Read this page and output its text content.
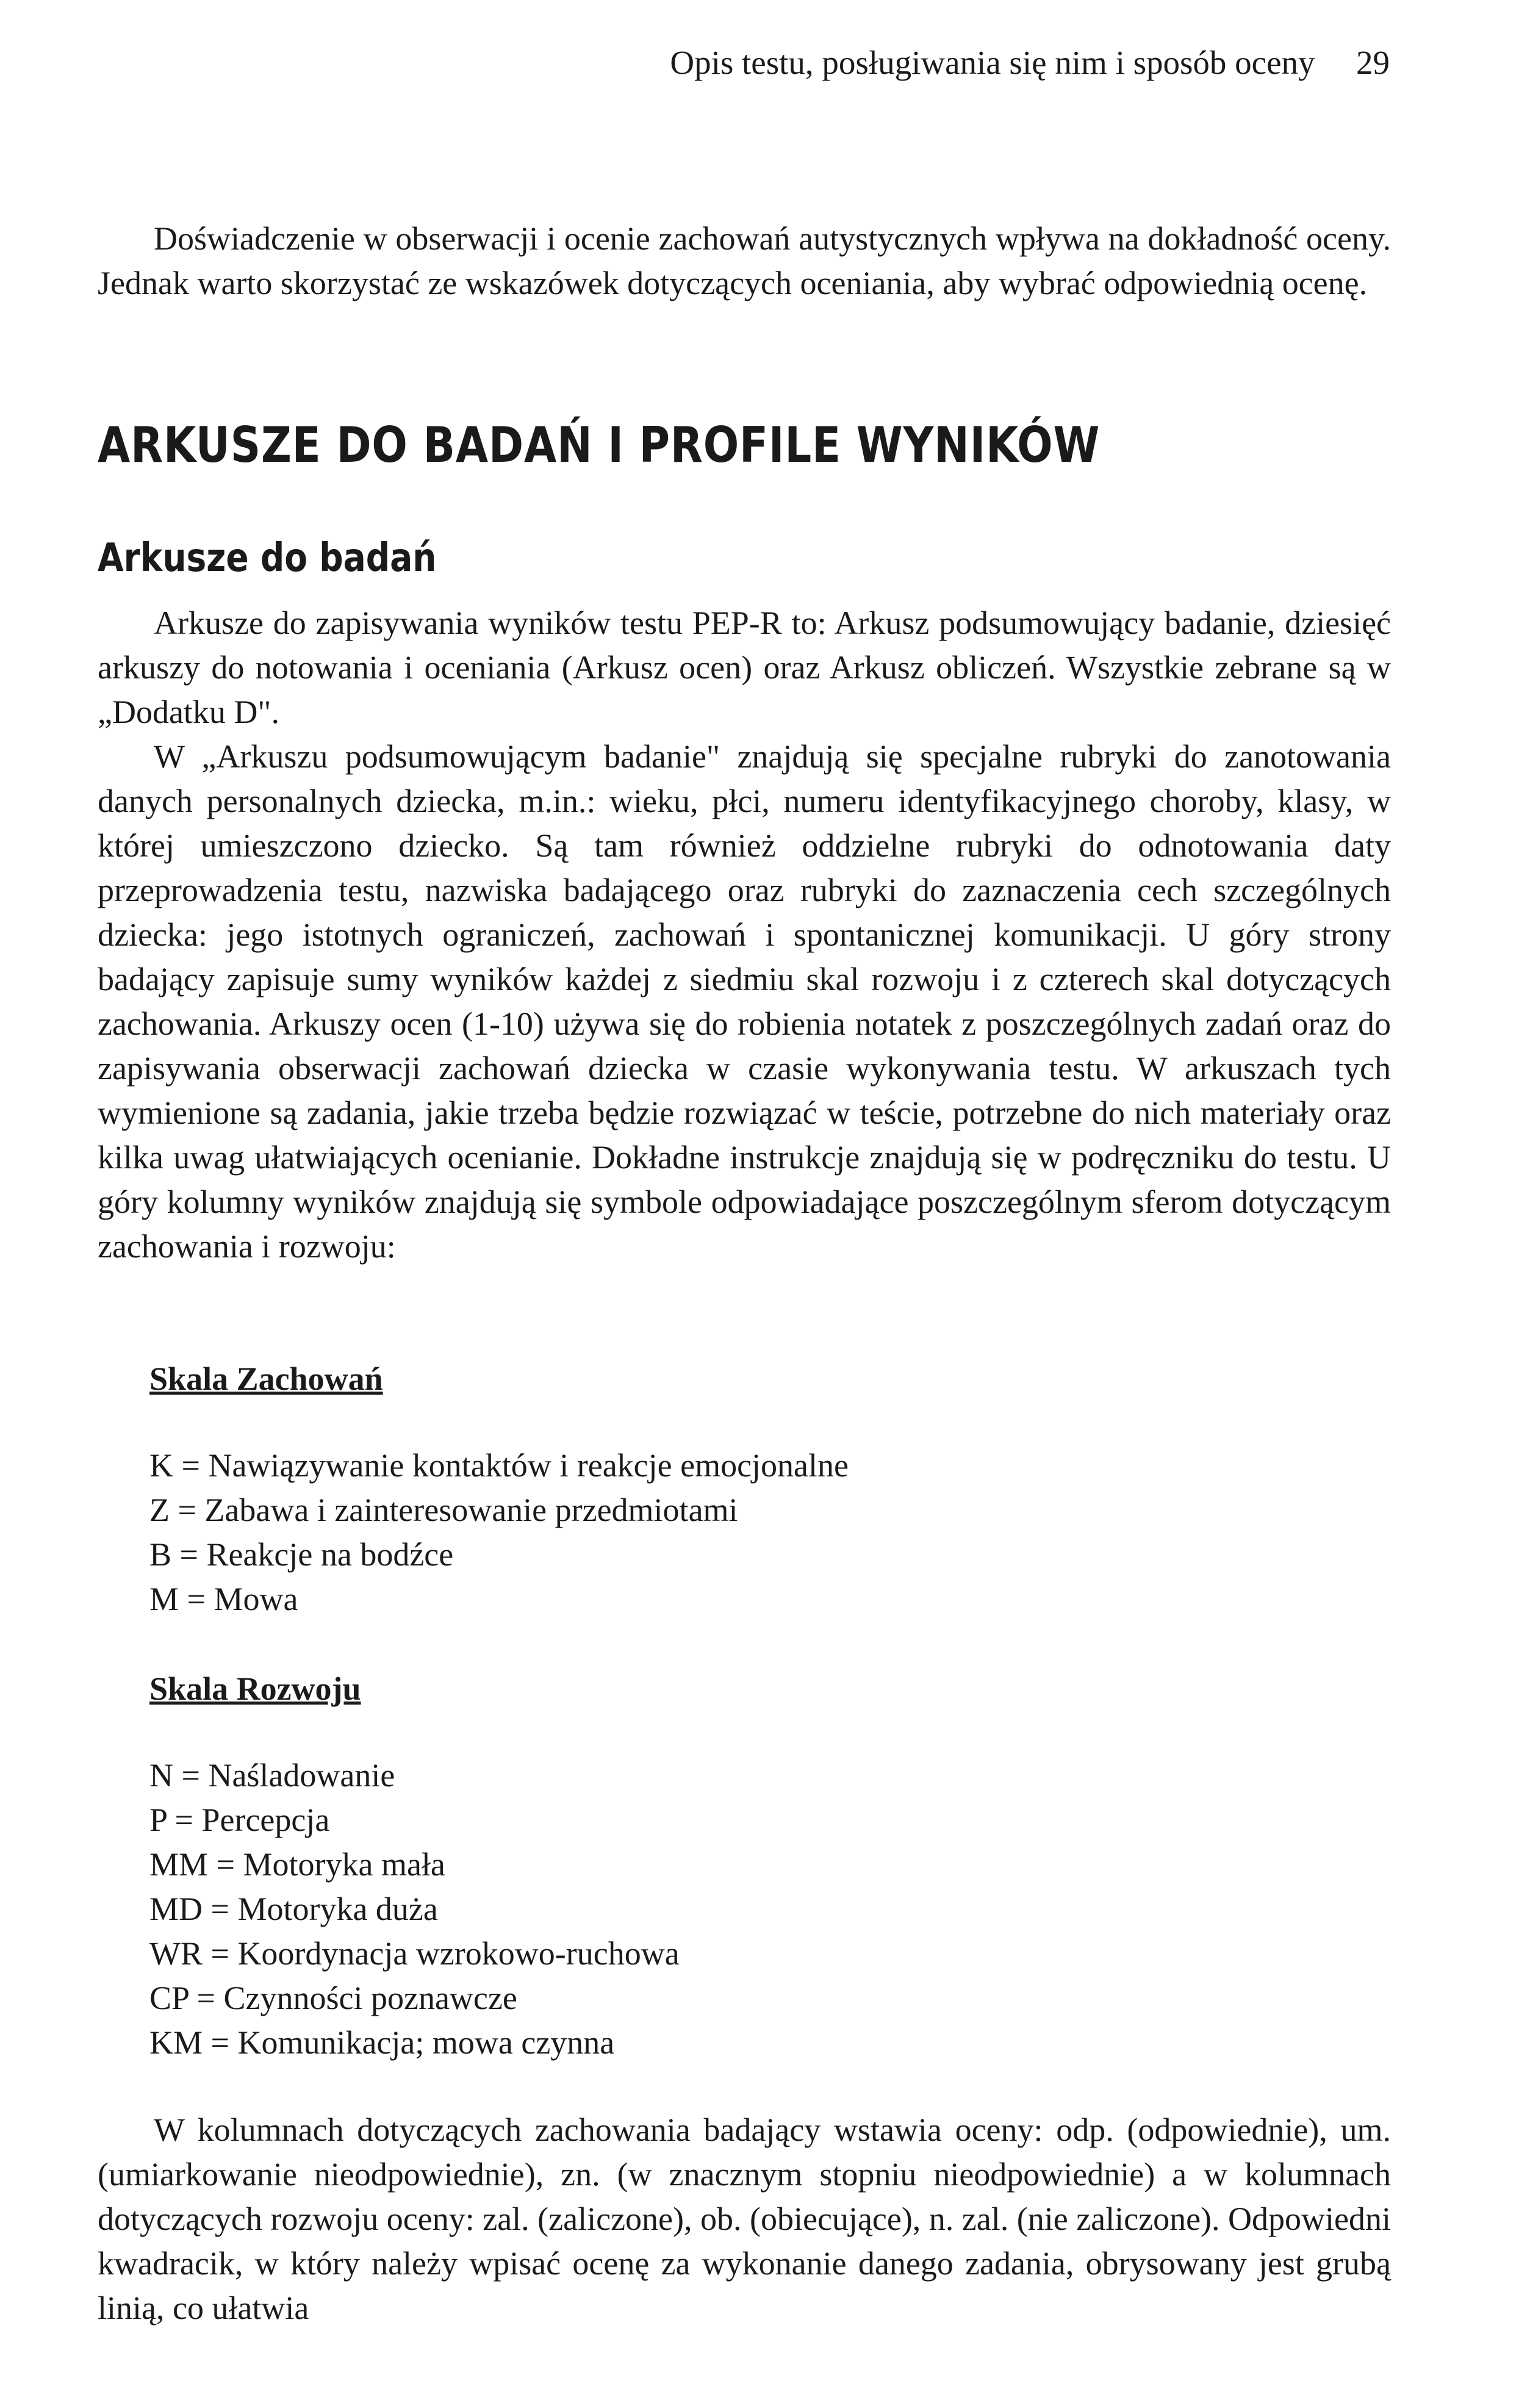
Opis testu, posługiwania się nim i sposób oceny 29

Doświadczenie w obserwacji i ocenie zachowań autystycznych wpływa na dokładność oceny. Jednak warto skorzystać ze wskazówek dotyczących oceniania, aby wybrać odpowiednią ocenę.

ARKUSZE DO BADAŃ I PROFILE WYNIKÓW
Arkusze do badań

Arkusze do zapisywania wyników testu PEP-R to: Arkusz podsumowujący badanie, dziesięć arkuszy do notowania i oceniania (Arkusz ocen) oraz Arkusz obliczeń. Wszystkie zebrane są w „Dodatku D".

W „Arkuszu podsumowującym badanie" znajdują się specjalne rubryki do zanotowania danych personalnych dziecka, m.in.: wieku, płci, numeru identyfikacyjnego choroby, klasy, w której umieszczono dziecko. Są tam również oddzielne rubryki do odnotowania daty przeprowadzenia testu, nazwiska badającego oraz rubryki do zaznaczenia cech szczególnych dziecka: jego istotnych ograniczeń, zachowań i spontanicznej komunikacji. U góry strony badający zapisuje sumy wyników każdej z siedmiu skal rozwoju i z czterech skal dotyczących zachowania. Arkuszy ocen (1-10) używa się do robienia notatek z poszczególnych zadań oraz do zapisywania obserwacji zachowań dziecka w czasie wykonywania testu. W arkuszach tych wymienione są zadania, jakie trzeba będzie rozwiązać w teście, potrzebne do nich materiały oraz kilka uwag ułatwiających ocenianie. Dokładne instrukcje znajdują się w podręczniku do testu. U góry kolumny wyników znajdują się symbole odpowiadające poszczególnym sferom dotyczącym zachowania i rozwoju:

Skala Zachowań
K = Nawiązywanie kontaktów i reakcje emocjonalne
Z = Zabawa i zainteresowanie przedmiotami
B = Reakcje na bodźce
M = Mowa
Skala Rozwoju
N = Naśladowanie
P = Percepcja
MM = Motoryka mała
MD = Motoryka duża
WR = Koordynacja wzrokowo-ruchowa
CP = Czynności poznawcze
KM = Komunikacja; mowa czynna

W kolumnach dotyczących zachowania badający wstawia oceny: odp. (odpowiednie), um. (umiarkowanie nieodpowiednie), zn. (w znacznym stopniu nieodpowiednie) a w kolumnach dotyczących rozwoju oceny: zal. (zaliczone), ob. (obiecujące), n. zal. (nie zaliczone). Odpowiedni kwadracik, w który należy wpisać ocenę za wykonanie danego zadania, obrysowany jest grubą linią, co ułatwia
